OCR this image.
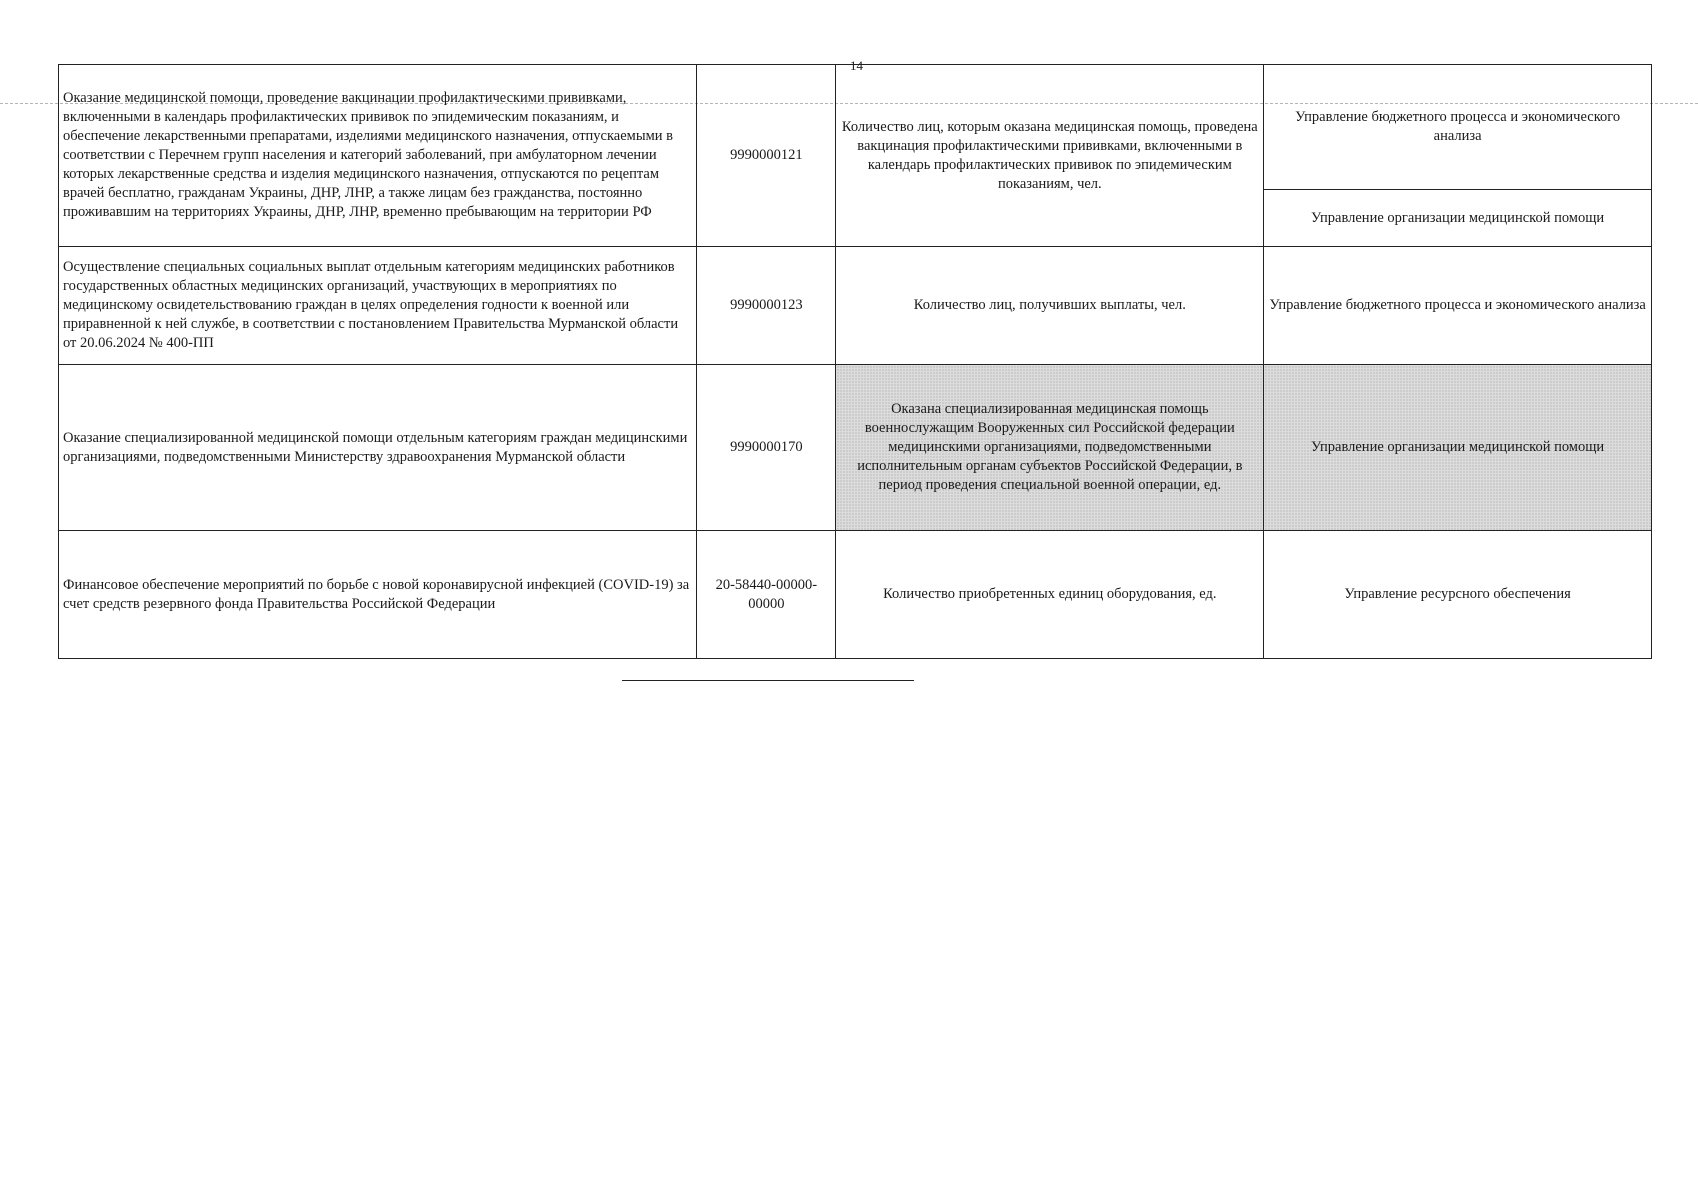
14
Оказание медицинской помощи, проведение вакцинации профилактическими прививками, включенными в календарь профилактических прививок по эпидемическим показаниям, и обеспечение лекарственными препаратами, изделиями медицинского назначения, отпускаемыми в соответствии с Перечнем групп населения и категорий заболеваний, при амбулаторном лечении которых лекарственные средства и изделия медицинского назначения, отпускаются по рецептам врачей бесплатно, гражданам Украины, ДНР, ЛНР, а также лицам без гражданства, постоянно проживавшим на территориях Украины, ДНР, ЛНР, временно пребывающим на территории РФ	9990000121	Количество лиц, которым оказана медицинская помощь, проведена вакцинация профилактическими прививками, включенными в календарь профилактических прививок по эпидемическим показаниям, чел.	Управление бюджетного процесса и экономического анализа
Управление организации медицинской помощи

Осуществление специальных социальных выплат отдельным категориям медицинских работников государственных областных медицинских организаций, участвующих в мероприятиях по медицинскому освидетельствованию граждан в целях определения годности к военной или приравненной к ней службе, в соответствии с постановлением Правительства Мурманской области от 20.06.2024 № 400-ПП	9990000123	Количество лиц, получивших выплаты, чел.	Управление бюджетного процесса и экономического анализа
Оказание специализированной медицинской помощи отдельным категориям граждан медицинскими организациями, подведомственными Министерству здравоохранения Мурманской области	9990000170	Оказана специализированная медицинская помощь военнослужащим Вооруженных сил Российской федерации медицинскими организациями, подведомственными исполнительным органам субъектов Российской Федерации, в период проведения специальной военной операции, ед.	Управление организации медицинской помощи
Финансовое обеспечение мероприятий по борьбе с новой коронавирусной инфекцией (COVID-19) за счет средств резервного фонда Правительства Российской Федерации	20-58440-00000-00000	Количество приобретенных единиц оборудования, ед.	Управление ресурсного обеспечения
